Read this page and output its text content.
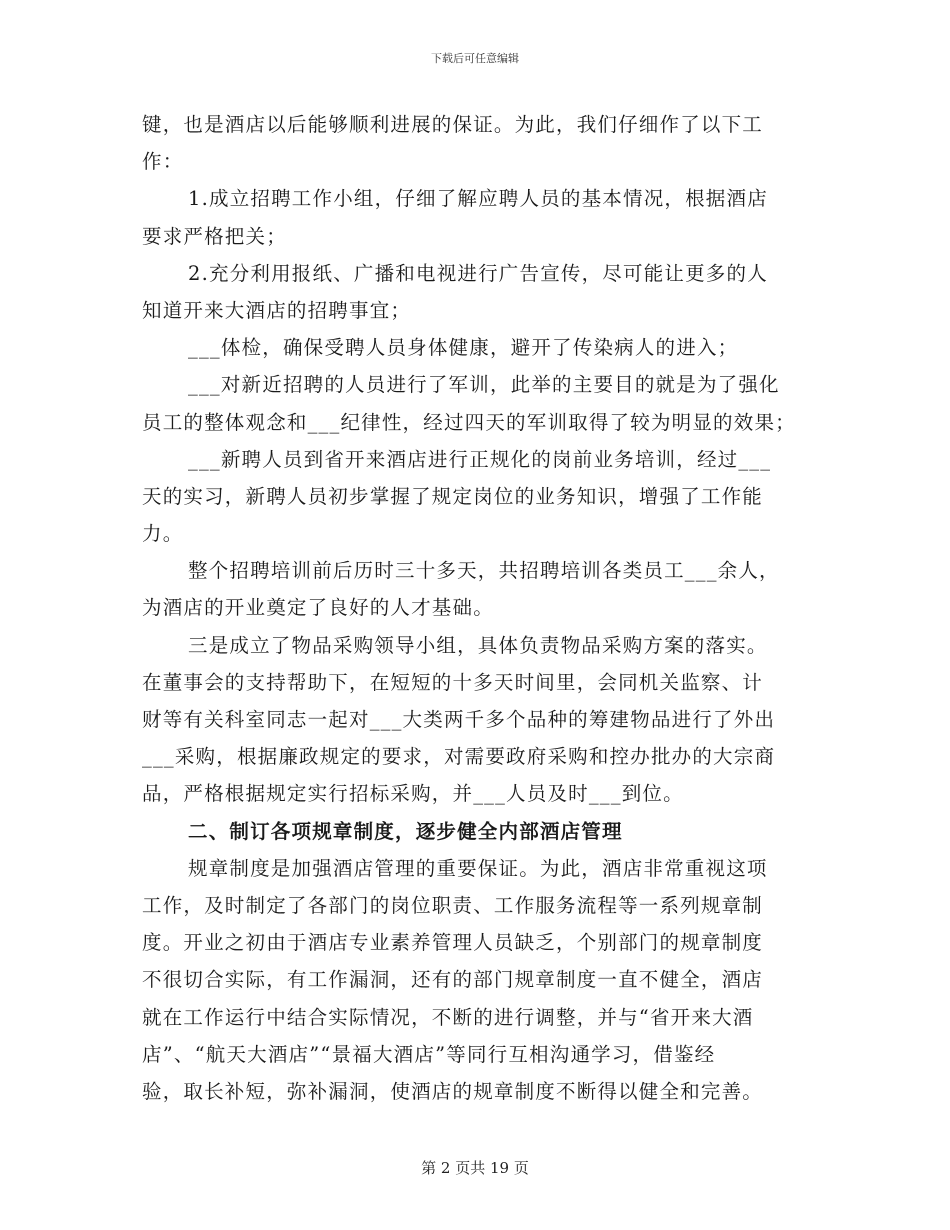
下载后可任意编辑
键，也是酒店以后能够顺利进展的保证。为此，我们仔细作了以下工
作：
1.成立招聘工作小组，仔细了解应聘人员的基本情况，根据酒店
要求严格把关；
2.充分利用报纸、广播和电视进行广告宣传，尽可能让更多的人
知道开来大酒店的招聘事宜；
___体检，确保受聘人员身体健康，避开了传染病人的进入；
___对新近招聘的人员进行了军训，此举的主要目的就是为了强化
员工的整体观念和___纪律性，经过四天的军训取得了较为明显的效果；
___新聘人员到省开来酒店进行正规化的岗前业务培训，经过___
天的实习，新聘人员初步掌握了规定岗位的业务知识，增强了工作能
力。
整个招聘培训前后历时三十多天，共招聘培训各类员工___余人，
为酒店的开业奠定了良好的人才基础。
三是成立了物品采购领导小组，具体负责物品采购方案的落实。
在董事会的支持帮助下，在短短的十多天时间里，会同机关监察、计
财等有关科室同志一起对___大类两千多个品种的筹建物品进行了外出
___采购，根据廉政规定的要求，对需要政府采购和控办批办的大宗商
品，严格根据规定实行招标采购，并___人员及时___到位。
二、制订各项规章制度，逐步健全内部酒店管理
规章制度是加强酒店管理的重要保证。为此，酒店非常重视这项
工作，及时制定了各部门的岗位职责、工作服务流程等一系列规章制
度。开业之初由于酒店专业素养管理人员缺乏，个别部门的规章制度
不很切合实际，有工作漏洞，还有的部门规章制度一直不健全，酒店
就在工作运行中结合实际情况，不断的进行调整，并与“省开来大酒
店”、“航天大酒店”“景福大酒店”等同行互相沟通学习，借鉴经
验，取长补短，弥补漏洞，使酒店的规章制度不断得以健全和完善。
第 2 页共 19 页
